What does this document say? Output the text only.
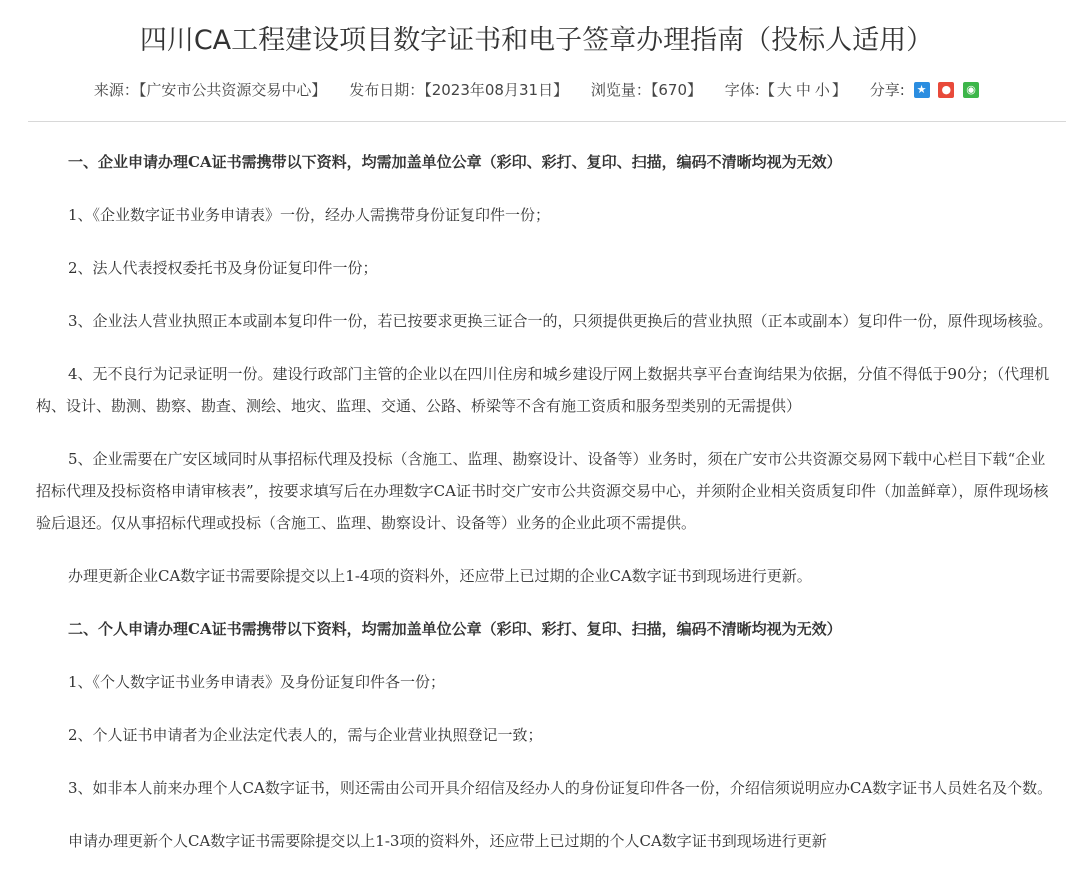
四川CA工程建设项目数字证书和电子签章办理指南（投标人适用）
来源：【广安市公共资源交易中心】 发布日期：【2023年08月31日】 浏览量：【670】 字体:【 大 中 小 】 分享: ★
●
◉

一、企业申请办理CA证书需携带以下资料，均需加盖单位公章（彩印、彩打、复印、扫描，编码不清晰均视为无效）

1、《企业数字证书业务申请表》一份，经办人需携带身份证复印件一份；

2、法人代表授权委托书及身份证复印件一份；

3、企业法人营业执照正本或副本复印件一份，若已按要求更换三证合一的，只须提供更换后的营业执照（正本或副本）复印件一份，原件现场核验。

4、无不良行为记录证明一份。建设行政部门主管的企业以在四川住房和城乡建设厅网上数据共享平台查询结果为依据，分值不得低于90分；（代理机构、设计、勘测、勘察、勘查、测绘、地灾、监理、交通、公路、桥梁等不含有施工资质和服务型类别的无需提供）

5、企业需要在广安区域同时从事招标代理及投标（含施工、监理、勘察设计、设备等）业务时，须在广安市公共资源交易网下载中心栏目下载“企业招标代理及投标资格申请审核表”，按要求填写后在办理数字CA证书时交广安市公共资源交易中心，并须附企业相关资质复印件（加盖鲜章），原件现场核验后退还。仅从事招标代理或投标（含施工、监理、勘察设计、设备等）业务的企业此项不需提供。

办理更新企业CA数字证书需要除提交以上1-4项的资料外，还应带上已过期的企业CA数字证书到现场进行更新。

二、个人申请办理CA证书需携带以下资料，均需加盖单位公章（彩印、彩打、复印、扫描，编码不清晰均视为无效）

1、《个人数字证书业务申请表》及身份证复印件各一份；

2、个人证书申请者为企业法定代表人的，需与企业营业执照登记一致；

3、如非本人前来办理个人CA数字证书，则还需由公司开具介绍信及经办人的身份证复印件各一份，介绍信须说明应办CA数字证书人员姓名及个数。

申请办理更新个人CA数字证书需要除提交以上1-3项的资料外，还应带上已过期的个人CA数字证书到现场进行更新
